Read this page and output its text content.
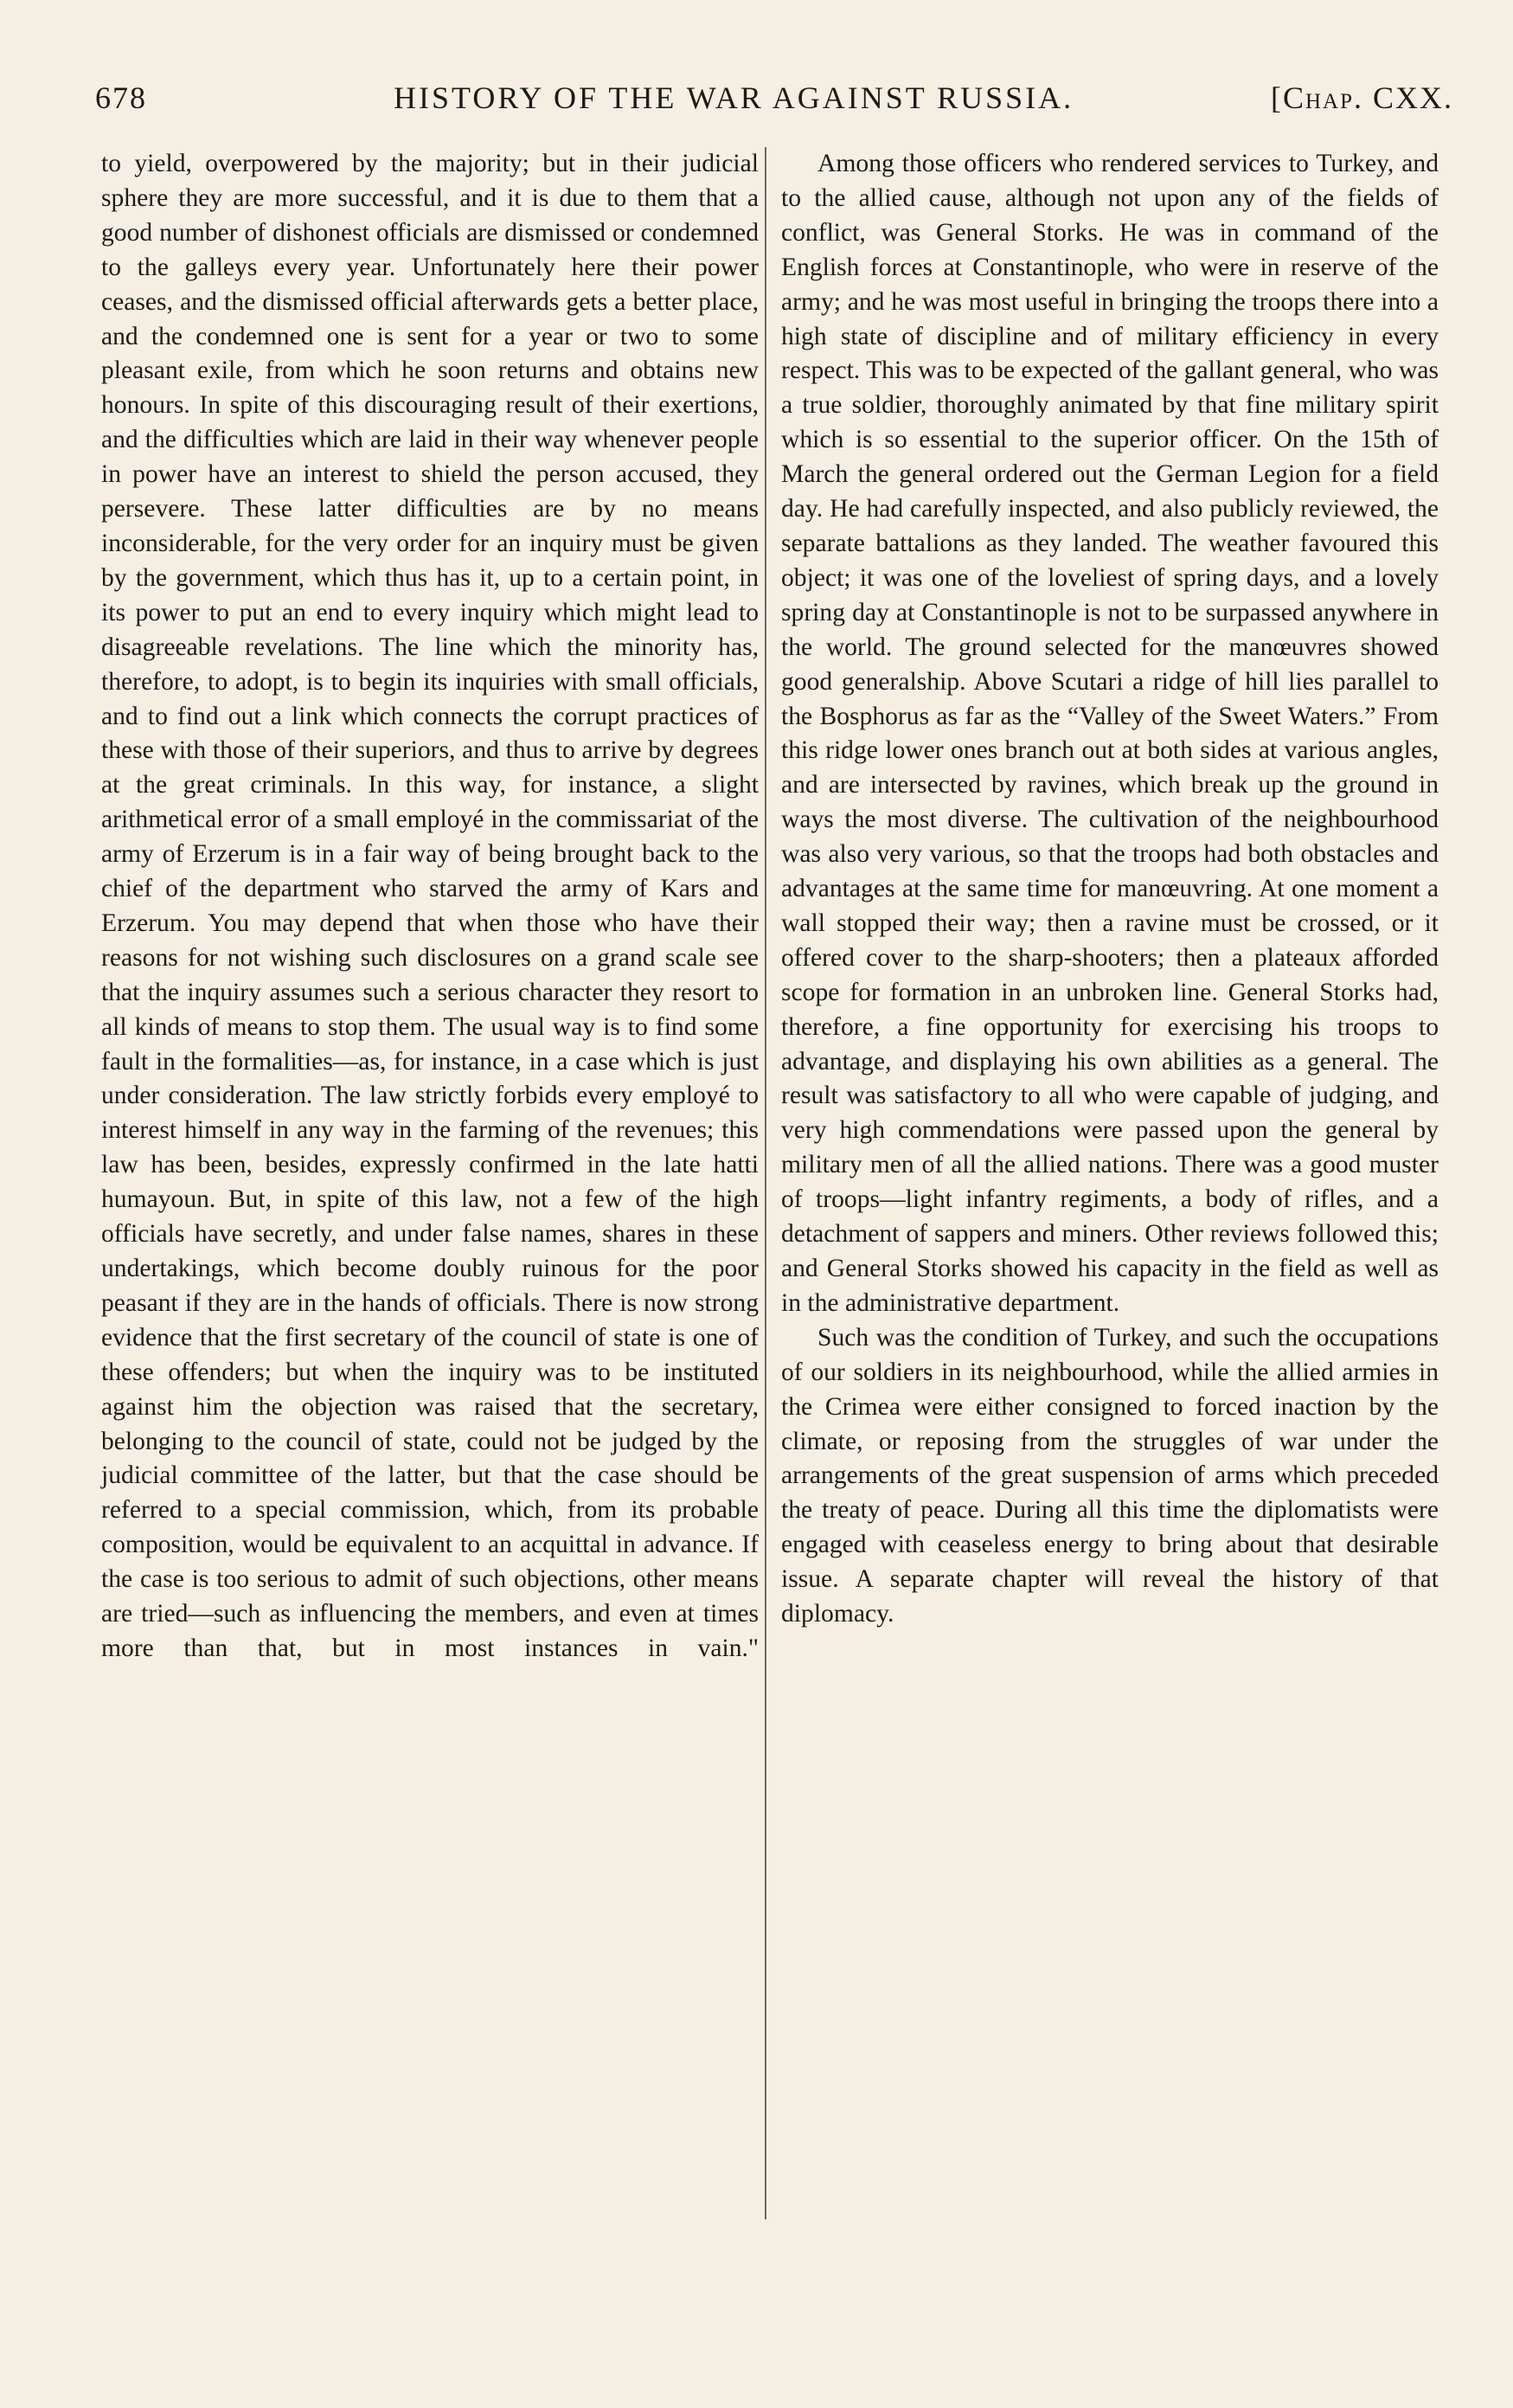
678	HISTORY OF THE WAR AGAINST RUSSIA.	[Chap. CXX.

to yield, overpowered by the majority; but in their judicial sphere they are more successful, and it is due to them that a good number of dishonest officials are dismissed or condemned to the galleys every year. Unfortunately here their power ceases, and the dismissed official afterwards gets a better place, and the condemned one is sent for a year or two to some pleasant exile, from which he soon returns and obtains new honours. In spite of this discouraging result of their exertions, and the difficulties which are laid in their way whenever people in power have an interest to shield the person accused, they persevere. These latter difficulties are by no means inconsiderable, for the very order for an inquiry must be given by the government, which thus has it, up to a certain point, in its power to put an end to every inquiry which might lead to disagreeable revelations. The line which the minority has, therefore, to adopt, is to begin its inquiries with small officials, and to find out a link which connects the corrupt practices of these with those of their superiors, and thus to arrive by degrees at the great criminals. In this way, for instance, a slight arithmetical error of a small employé in the commissariat of the army of Erzerum is in a fair way of being brought back to the chief of the department who starved the army of Kars and Erzerum. You may depend that when those who have their reasons for not wishing such disclosures on a grand scale see that the inquiry assumes such a serious character they resort to all kinds of means to stop them. The usual way is to find some fault in the formalities—as, for instance, in a case which is just under consideration. The law strictly forbids every employé to interest himself in any way in the farming of the revenues; this law has been, besides, expressly confirmed in the late hatti humayoun. But, in spite of this law, not a few of the high officials have secretly, and under false names, shares in these undertakings, which become doubly ruinous for the poor peasant if they are in the hands of officials. There is now strong evidence that the first secretary of the council of state is one of these offenders; but when the inquiry was to be instituted against him the objection was raised that the secretary, belonging to the council of state, could not be judged by the judicial committee of the latter, but that the case should be referred to a special commission, which, from its probable composition, would be equivalent to an acquittal in advance. If the case is too serious to admit of such objections, other means are tried—such as influencing the members, and even at times more than that, but in most instances in vain."

Among those officers who rendered services to Turkey, and to the allied cause, although not upon any of the fields of conflict, was General Storks. He was in command of the English forces at Constantinople, who were in reserve of the army; and he was most useful in bringing the troops there into a high state of discipline and of military efficiency in every respect. This was to be expected of the gallant general, who was a true soldier, thoroughly animated by that fine military spirit which is so essential to the superior officer. On the 15th of March the general ordered out the German Legion for a field day. He had carefully inspected, and also publicly reviewed, the separate battalions as they landed. The weather favoured this object; it was one of the loveliest of spring days, and a lovely spring day at Constantinople is not to be surpassed anywhere in the world. The ground selected for the manœuvres showed good generalship. Above Scutari a ridge of hill lies parallel to the Bosphorus as far as the “Valley of the Sweet Waters.” From this ridge lower ones branch out at both sides at various angles, and are intersected by ravines, which break up the ground in ways the most diverse. The cultivation of the neighbourhood was also very various, so that the troops had both obstacles and advantages at the same time for manœuvring. At one moment a wall stopped their way; then a ravine must be crossed, or it offered cover to the sharp-shooters; then a plateaux afforded scope for formation in an unbroken line. General Storks had, therefore, a fine opportunity for exercising his troops to advantage, and displaying his own abilities as a general. The result was satisfactory to all who were capable of judging, and very high commendations were passed upon the general by military men of all the allied nations. There was a good muster of troops—light infantry regiments, a body of rifles, and a detachment of sappers and miners. Other reviews followed this; and General Storks showed his capacity in the field as well as in the administrative department.

Such was the condition of Turkey, and such the occupations of our soldiers in its neighbourhood, while the allied armies in the Crimea were either consigned to forced inaction by the climate, or reposing from the struggles of war under the arrangements of the great suspension of arms which preceded the treaty of peace. During all this time the diplomatists were engaged with ceaseless energy to bring about that desirable issue. A separate chapter will reveal the history of that diplomacy.
